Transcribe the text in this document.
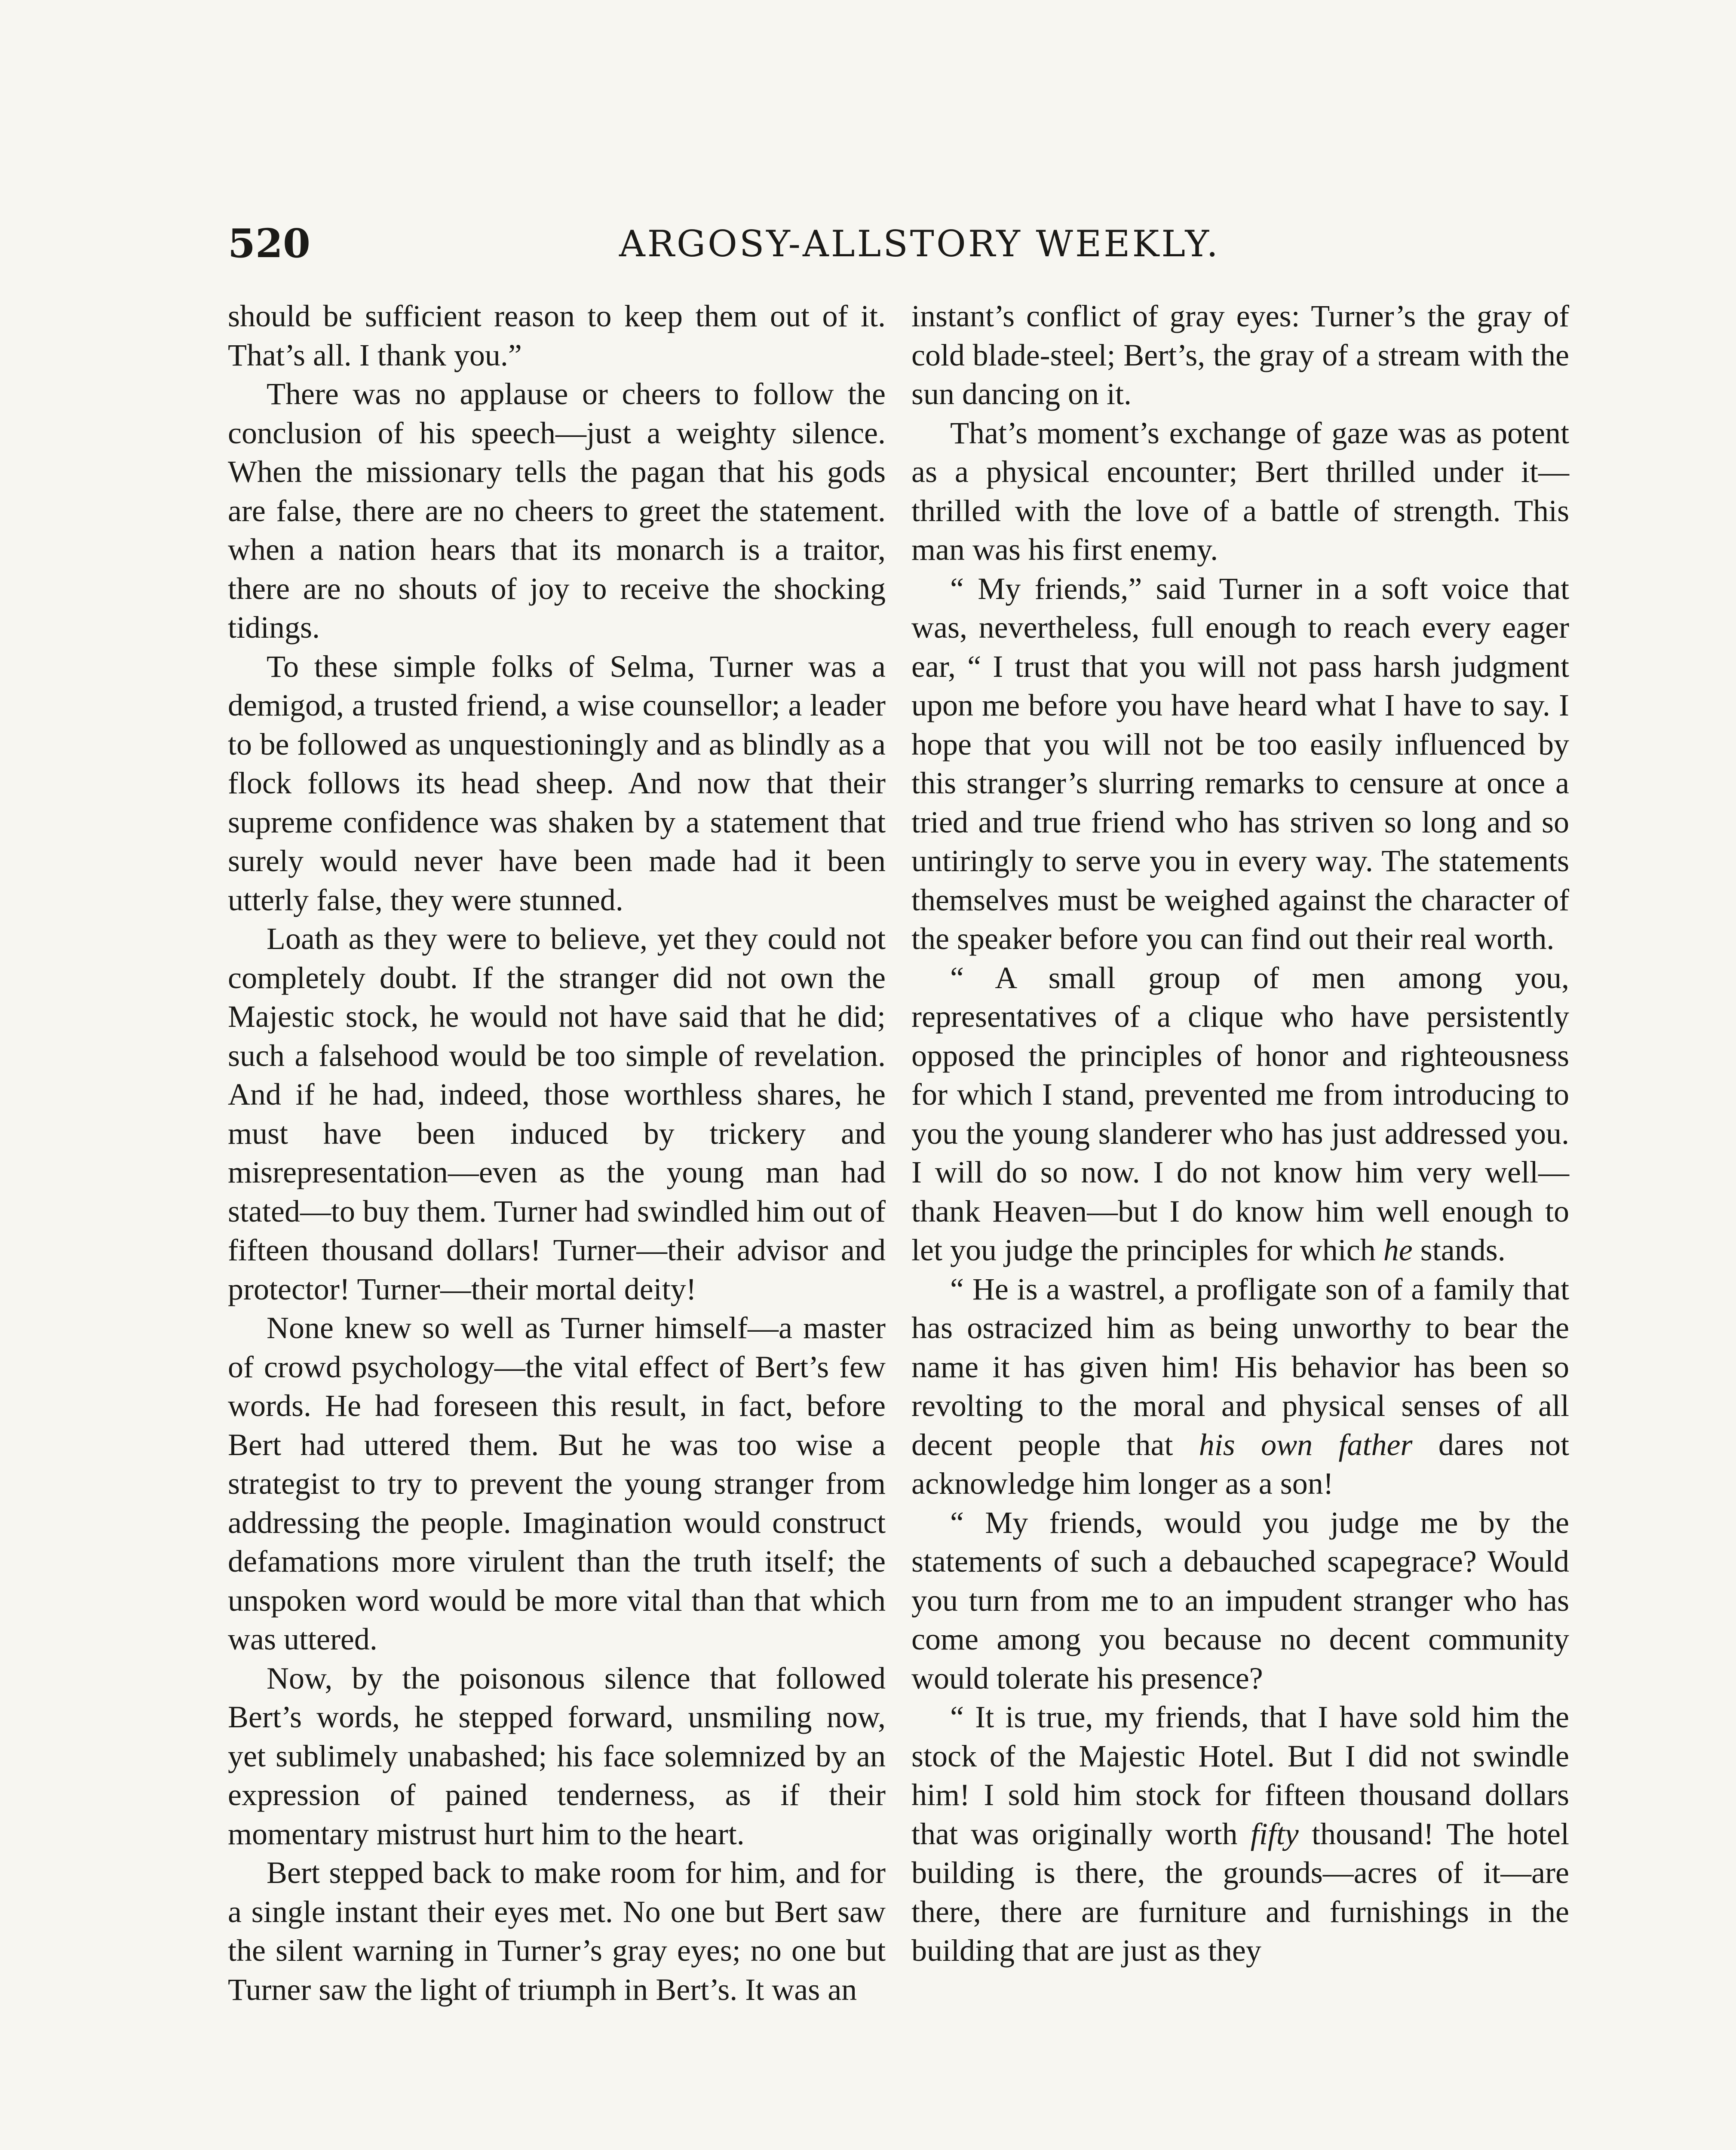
520	ARGOSY-ALLSTORY WEEKLY.

should be sufficient reason to keep them out of it. That’s all. I thank you.”

There was no applause or cheers to follow the conclusion of his speech—just a weighty silence. When the missionary tells the pagan that his gods are false, there are no cheers to greet the statement. when a nation hears that its monarch is a traitor, there are no shouts of joy to receive the shocking tidings.

To these simple folks of Selma, Turner was a demigod, a trusted friend, a wise counsellor; a leader to be followed as unquestioningly and as blindly as a flock follows its head sheep. And now that their supreme confidence was shaken by a statement that surely would never have been made had it been utterly false, they were stunned.

Loath as they were to believe, yet they could not completely doubt. If the stranger did not own the Majestic stock, he would not have said that he did; such a falsehood would be too simple of revelation. And if he had, indeed, those worthless shares, he must have been induced by trickery and misrepresentation—even as the young man had stated—to buy them. Turner had swindled him out of fifteen thousand dollars! Turner—their advisor and protector! Turner—their mortal deity!

None knew so well as Turner himself—a master of crowd psychology—the vital effect of Bert’s few words. He had foreseen this result, in fact, before Bert had uttered them. But he was too wise a strategist to try to prevent the young stranger from addressing the people. Imagination would construct defamations more virulent than the truth itself; the unspoken word would be more vital than that which was uttered.

Now, by the poisonous silence that followed Bert’s words, he stepped forward, unsmiling now, yet sublimely unabashed; his face solemnized by an expression of pained tenderness, as if their momentary mistrust hurt him to the heart.

Bert stepped back to make room for him, and for a single instant their eyes met. No one but Bert saw the silent warning in Turner’s gray eyes; no one but Turner saw the light of triumph in Bert’s. It was an

instant’s conflict of gray eyes: Turner’s the gray of cold blade-steel; Bert’s, the gray of a stream with the sun dancing on it.

That’s moment’s exchange of gaze was as potent as a physical encounter; Bert thrilled under it—thrilled with the love of a battle of strength. This man was his first enemy.

“ My friends,” said Turner in a soft voice that was, nevertheless, full enough to reach every eager ear, “ I trust that you will not pass harsh judgment upon me before you have heard what I have to say. I hope that you will not be too easily influenced by this stranger’s slurring remarks to censure at once a tried and true friend who has striven so long and so untiringly to serve you in every way. The statements themselves must be weighed against the character of the speaker before you can find out their real worth.

“ A small group of men among you, representatives of a clique who have persistently opposed the principles of honor and righteousness for which I stand, prevented me from introducing to you the young slanderer who has just addressed you. I will do so now. I do not know him very well—thank Heaven—but I do know him well enough to let you judge the principles for which he stands.

“ He is a wastrel, a profligate son of a family that has ostracized him as being unworthy to bear the name it has given him! His behavior has been so revolting to the moral and physical senses of all decent people that his own father dares not acknowledge him longer as a son!

“ My friends, would you judge me by the statements of such a debauched scapegrace? Would you turn from me to an impudent stranger who has come among you because no decent community would tolerate his presence?

“ It is true, my friends, that I have sold him the stock of the Majestic Hotel. But I did not swindle him! I sold him stock for fifteen thousand dollars that was originally worth fifty thousand! The hotel building is there, the grounds—acres of it—are there, there are furniture and furnishings in the building that are just as they
